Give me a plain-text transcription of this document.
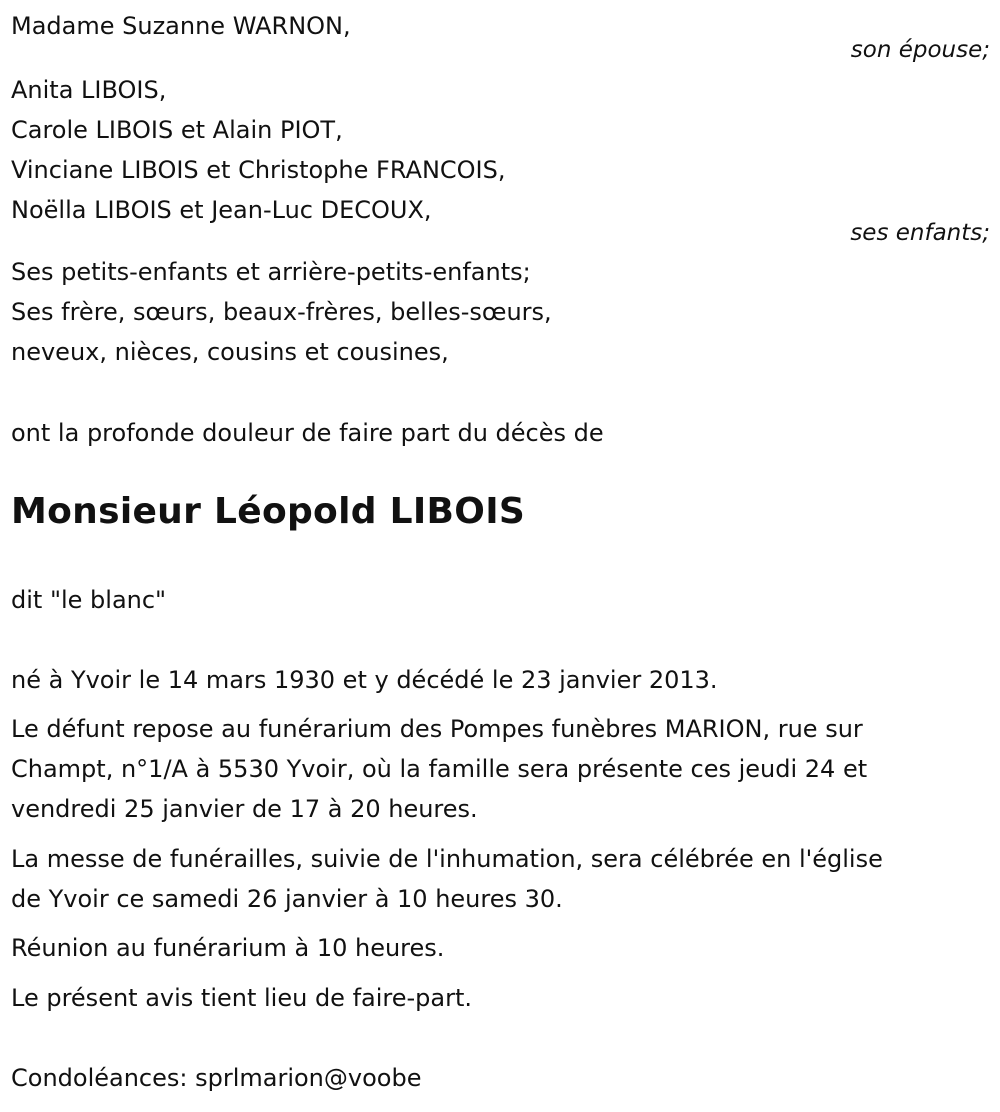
Madame Suzanne WARNON,
son épouse;
Anita LIBOIS,
Carole LIBOIS et Alain PIOT,
Vinciane LIBOIS et Christophe FRANCOIS,
Noëlla LIBOIS et Jean-Luc DECOUX,
ses enfants;
Ses petits-enfants et arrière-petits-enfants;
Ses frère, sœurs, beaux-frères, belles-sœurs,
neveux, nièces, cousins et cousines,
ont la profonde douleur de faire part du décès de
Monsieur Léopold LIBOIS
dit "le blanc"
né à Yvoir le 14 mars 1930 et y décédé le 23 janvier 2013.
Le défunt repose au funérarium des Pompes funèbres MARION, rue sur
Champt, n°1/A à 5530 Yvoir, où la famille sera présente ces jeudi 24 et
vendredi 25 janvier de 17 à 20 heures.
La messe de funérailles, suivie de l'inhumation, sera célébrée en l'église
de Yvoir ce samedi 26 janvier à 10 heures 30.
Réunion au funérarium à 10 heures.
Le présent avis tient lieu de faire-part.
Condoléances: sprlmarion@voobe
